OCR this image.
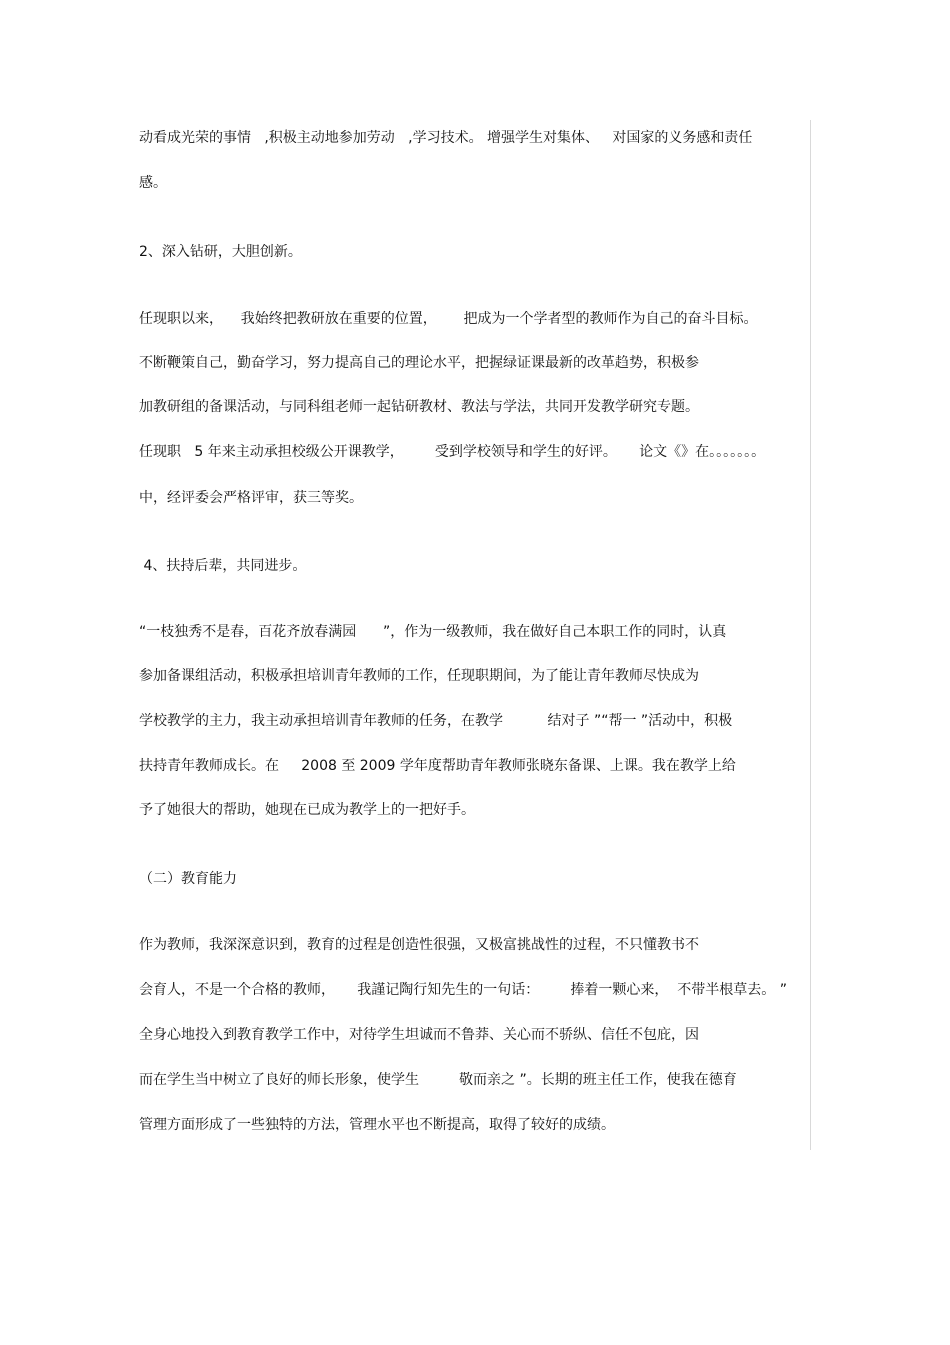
动看成光荣的事情   ,积极主动地参加劳动   ,学习技术。 增强学生对集体、   对国家的义务感和责任
感。
2、深入钻研，大胆创新。
任现职以来，    我始终把教研放在重要的位置，      把成为一个学者型的教师作为自己的奋斗目标。
不断鞭策自己，勤奋学习，努力提高自己的理论水平，把握绿证课最新的改革趋势，积极参
加教研组的备课活动，与同科组老师一起钻研教材、教法与学法，共同开发教学研究专题。
任现职   5 年来主动承担校级公开课教学，       受到学校领导和学生的好评。     论文《》在。。。。。。。
中，经评委会严格评审，获三等奖。
4、扶持后辈，共同进步。
“一枝独秀不是春，百花齐放春满园      ”，作为一级教师，我在做好自己本职工作的同时，认真
参加备课组活动，积极承担培训青年教师的工作，任现职期间，为了能让青年教师尽快成为
学校教学的主力，我主动承担培训青年教师的任务，在教学          结对子 ”“帮一 ”活动中，积极
扶持青年教师成长。在     2008 至 2009 学年度帮助青年教师张晓东备课、上课。我在教学上给
予了她很大的帮助，她现在已成为教学上的一把好手。
（二）教育能力
作为教师，我深深意识到，教育的过程是创造性很强，又极富挑战性的过程，不只懂教书不
会育人，不是一个合格的教师，     我謹记陶行知先生的一句话：       捧着一颗心来，  不带半根草去。 ”
全身心地投入到教育教学工作中，对待学生坦诚而不鲁莽、关心而不骄纵、信任不包庇，因
而在学生当中树立了良好的师长形象，使学生         敬而亲之 ”。长期的班主任工作，使我在德育
管理方面形成了一些独特的方法，管理水平也不断提高，取得了较好的成绩。
